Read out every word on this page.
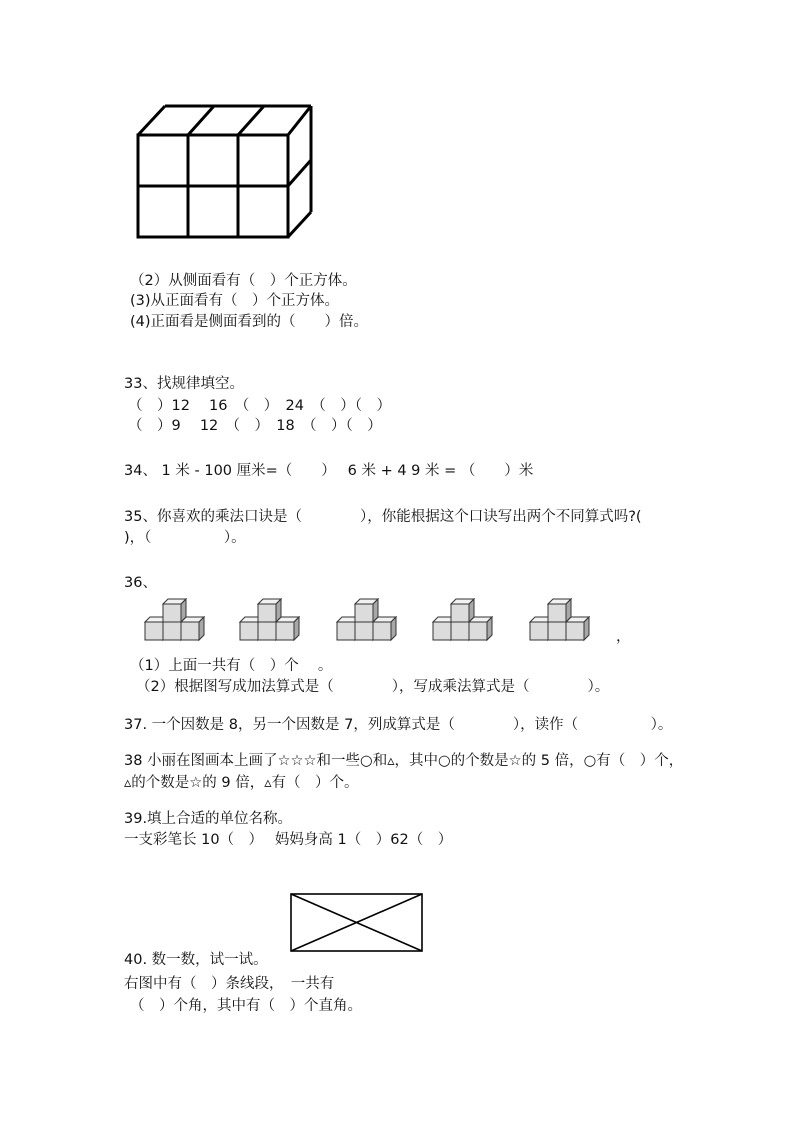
（2）从侧面看有（　）个正方体。
(3)从正面看有（　）个正方体。
(4)正面看是侧面看到的（　　）倍。
33、找规律填空。
（　）12　 16　（　）　24　（　）（　）
（　）9　 12　（　）　18　（　）（　）
34、 1 米 - 100 厘米=（　　）　 6 米 + 4 9 米 = （　　）米
35、你喜欢的乘法口诀是（　　　　），你能根据这个口诀写出两个不同算式吗?(
)，（　　　　　）。
36、
，
（1）上面一共有（　）个　 。
（2）根据图写成加法算式是（　　　　），写成乘法算式是（　　　　）。
37. 一个因数是 8，另一个因数是 7，列成算式是（　　　　），读作（　　　　　）。
38 小丽在图画本上画了☆☆☆和一些○和▵，其中○的个数是☆的 5 倍，○有（　）个，
▵的个数是☆的 9 倍，▵有（　）个。
39.填上合适的单位名称。
一支彩笔长 10（　）　 妈妈身高 1（　）62（　）
40. 数一数，试一试。
右图中有（　）条线段，　一共有
（　）个角，其中有（　）个直角。
